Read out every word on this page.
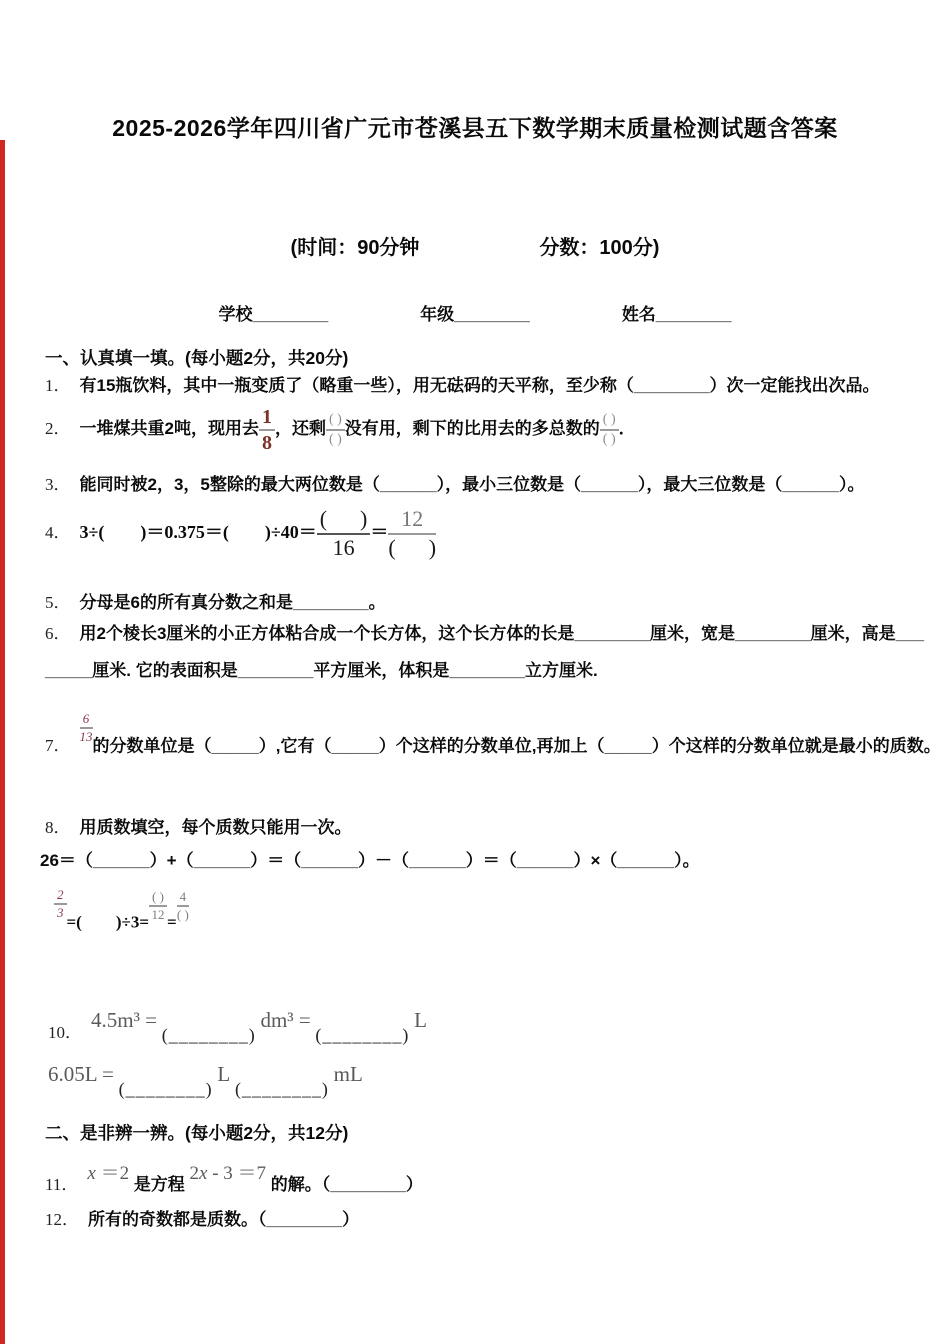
2025-2026学年四川省广元市苍溪县五下数学期末质量检测试题含答案
(时间：90分钟	分数：100分)
学校________	年级________	姓名________
一、认真填一填。(每小题2分，共20分)
1． 有15瓶饮料，其中一瓶变质了（略重一些），用无砝码的天平称，至少称（________）次一定能找出次品。
2． 一堆煤共重2吨，现用去 $\frac{1}{8}$ ，还剩 $\frac{( )}{( )}$ 没有用，剩下的比用去的多总数的 $\frac{( )}{( )}$ ．
3． 能同时被2，3，5整除的最大两位数是（______），最小三位数是（______），最大三位数是（______）。
4． 3÷(        )＝0.375＝(        )$\div 40= \frac{( )}{16} = \frac{12}{( )}$
5． 分母是6的所有真分数之和是________。
6． 用2个棱长3厘米的小正方体粘合成一个长方体，这个长方体的长是________厘米，宽是________厘米，高是___
_____厘米. 它的表面积是________平方厘米，体积是________立方厘米.
7．
$\frac{6}{13}$
的分数单位是（_____）,它有（_____）个这样的分数单位,再加上（_____）个这样的分数单位就是最小的质数。
8． 用质数填空，每个质数只能用一次。
26＝（______）+（______）＝（______）－（______）＝（______）×（______）。
$\frac{2}{3}$
=(        )$\div 3= \frac{( )}{12} = \frac{4}{( )}$
10．4.5m³ = (________) dm³ = (________) L
6.05L = (________) L (________) mL
二、是非辨一辨。(每小题2分，共12分)
11．x ＝2 是方程 2x - 3 ＝7 的解。（________）
12． 所有的奇数都是质数。（________）
